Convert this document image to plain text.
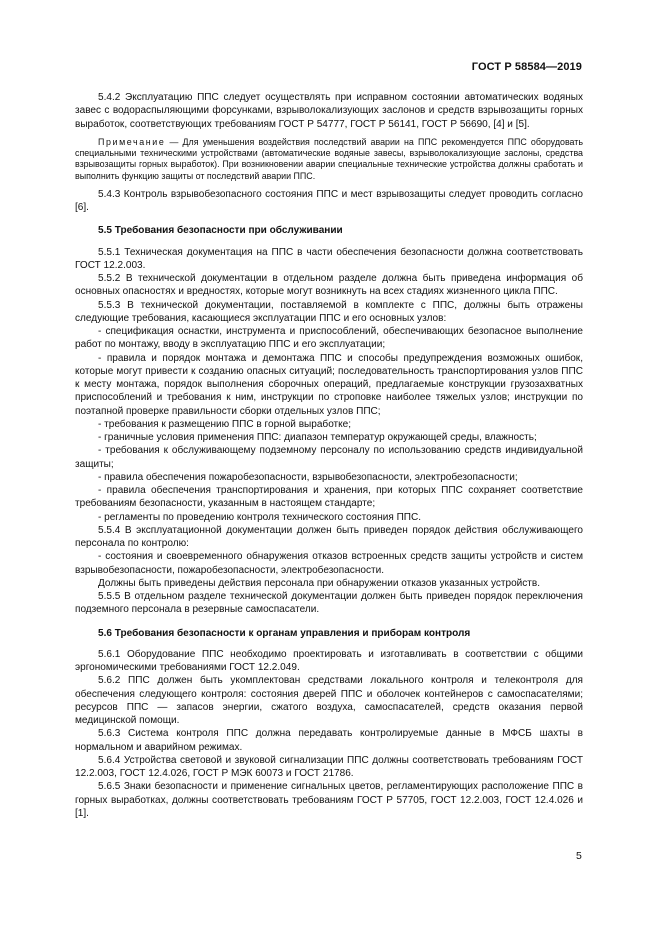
ГОСТ Р 58584—2019

5.4.2 Эксплуатацию ППС следует осуществлять при исправном состоянии автоматических водяных завес с водораспыляющими форсунками, взрыволокализующих заслонов и средств взрывозащиты горных выработок, соответствующих требованиям ГОСТ Р 54777, ГОСТ Р 56141, ГОСТ Р 56690, [4] и [5].

Примечание — Для уменьшения воздействия последствий аварии на ППС рекомендуется ППС оборудовать специальными техническими устройствами (автоматические водяные завесы, взрыволокализующие заслоны, средства взрывозащиты горных выработок). При возникновении аварии специальные технические устройства должны сработать и выполнить функцию защиты от последствий аварии ППС.

5.4.3 Контроль взрывобезопасного состояния ППС и мест взрывозащиты следует проводить согласно [6].

5.5 Требования безопасности при обслуживании

5.5.1 Техническая документация на ППС в части обеспечения безопасности должна соответствовать ГОСТ 12.2.003.

5.5.2 В технической документации в отдельном разделе должна быть приведена информация об основных опасностях и вредностях, которые могут возникнуть на всех стадиях жизненного цикла ППС.

5.5.3 В технической документации, поставляемой в комплекте с ППС, должны быть отражены следующие требования, касающиеся эксплуатации ППС и его основных узлов:

- спецификация оснастки, инструмента и приспособлений, обеспечивающих безопасное выполнение работ по монтажу, вводу в эксплуатацию ППС и его эксплуатации;

- правила и порядок монтажа и демонтажа ППС и способы предупреждения возможных ошибок, которые могут привести к созданию опасных ситуаций; последовательность транспортирования узлов ППС к месту монтажа, порядок выполнения сборочных операций, предлагаемые конструкции грузозахватных приспособлений и требования к ним, инструкции по строповке наиболее тяжелых узлов; инструкции по поэтапной проверке правильности сборки отдельных узлов ППС;

- требования к размещению ППС в горной выработке;

- граничные условия применения ППС: диапазон температур окружающей среды, влажность;

- требования к обслуживающему подземному персоналу по использованию средств индивидуальной защиты;

- правила обеспечения пожаробезопасности, взрывобезопасности, электробезопасности;

- правила обеспечения транспортирования и хранения, при которых ППС сохраняет соответствие требованиям безопасности, указанным в настоящем стандарте;

- регламенты по проведению контроля технического состояния ППС.

5.5.4 В эксплуатационной документации должен быть приведен порядок действия обслуживающего персонала по контролю:

- состояния и своевременного обнаружения отказов встроенных средств защиты устройств и систем взрывобезопасности, пожаробезопасности, электробезопасности.

Должны быть приведены действия персонала при обнаружении отказов указанных устройств.

5.5.5 В отдельном разделе технической документации должен быть приведен порядок переключения подземного персонала в резервные самоспасатели.

5.6 Требования безопасности к органам управления и приборам контроля

5.6.1 Оборудование ППС необходимо проектировать и изготавливать в соответствии с общими эргономическими требованиями ГОСТ 12.2.049.

5.6.2 ППС должен быть укомплектован средствами локального контроля и телеконтроля для обеспечения следующего контроля: состояния дверей ППС и оболочек контейнеров с самоспасателями; ресурсов ППС — запасов энергии, сжатого воздуха, самоспасателей, средств оказания первой медицинской помощи.

5.6.3 Система контроля ППС должна передавать контролируемые данные в МФСБ шахты в нормальном и аварийном режимах.

5.6.4 Устройства световой и звуковой сигнализации ППС должны соответствовать требованиям ГОСТ 12.2.003, ГОСТ 12.4.026, ГОСТ Р МЭК 60073 и ГОСТ 21786.

5.6.5 Знаки безопасности и применение сигнальных цветов, регламентирующих расположение ППС в горных выработках, должны соответствовать требованиям ГОСТ Р 57705, ГОСТ 12.2.003, ГОСТ 12.4.026 и [1].

5
